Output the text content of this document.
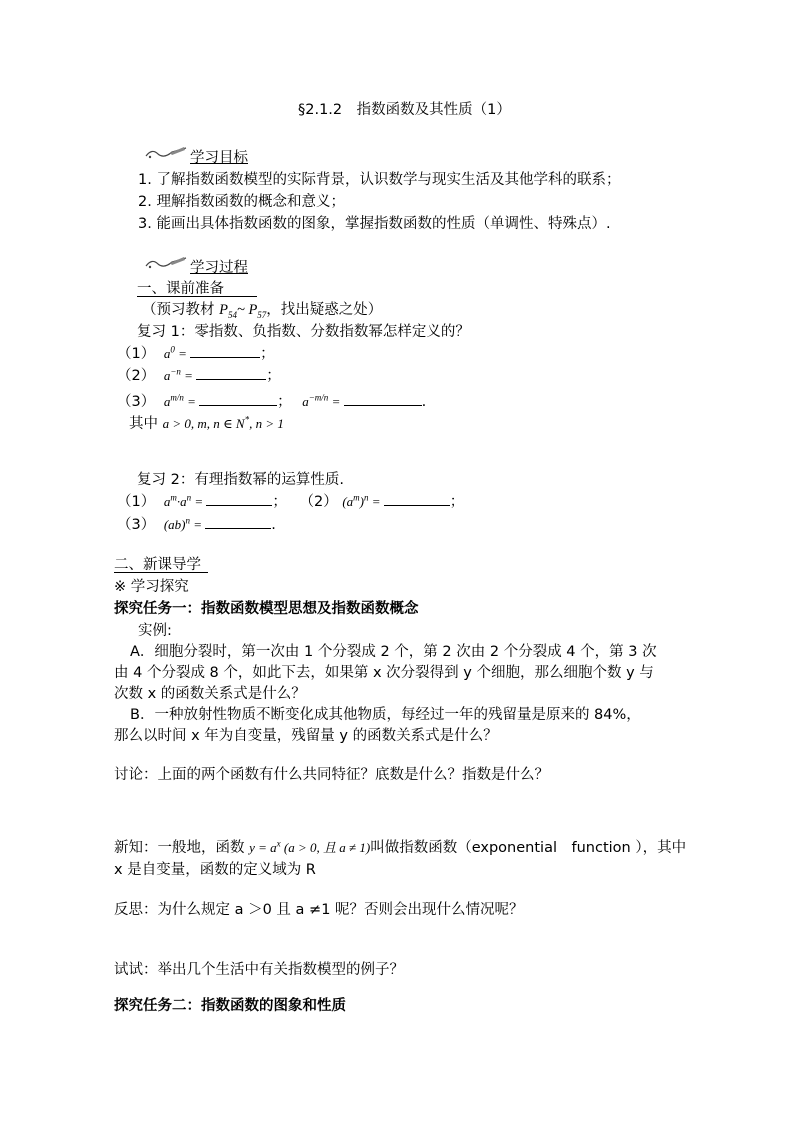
§2.1.2　指数函数及其性质（1）
学习目标
1. 了解指数函数模型的实际背景，认识数学与现实生活及其他学科的联系；
2. 理解指数函数的概念和意义；
3. 能画出具体指数函数的图象，掌握指数函数的性质（单调性、特殊点）.
学习过程
一、课前准备
（预习教材 $P_{54}\sim$ $P_{57}$，找出疑惑之处）
复习 1：零指数、负指数、分数指数幂怎样定义的？
（1） $a^0$ =	；
（2） $a^{-n}$ =	；
（3） $a^{m/n}$ =	； $a^{-m/n}$ =	.
其中 a > 0, m, n ∈ N*, n > 1
复习 2：有理指数幂的运算性质.
（1） $a^m\cdot a^n$ =	； （2） $(a^m)^n$ =	；
（3） (ab)$^n$ =	.
二、新课导学
※ 学习探究
探究任务一：指数函数模型思想及指数函数概念
实例:
A．细胞分裂时，第一次由 1 个分裂成 2 个，第 2 次由 2 个分裂成 4 个，第 3 次
由 4 个分裂成 8 个，如此下去，如果第 x 次分裂得到 y 个细胞，那么细胞个数 y 与
次数 x 的函数关系式是什么？
B．一种放射性物质不断变化成其他物质，每经过一年的残留量是原来的 84%，
那么以时间 x 年为自变量，残留量 y 的函数关系式是什么？
讨论：上面的两个函数有什么共同特征？底数是什么？指数是什么？
新知：一般地，函数 $y = a^x$ (a > 0, 且 a ≠ 1)叫做指数函数（exponential　function ），其中
x 是自变量，函数的定义域为 R
反思：为什么规定 a ＞0 且 a ≠1 呢？否则会出现什么情况呢？
试试：举出几个生活中有关指数模型的例子？
探究任务二：指数函数的图象和性质
